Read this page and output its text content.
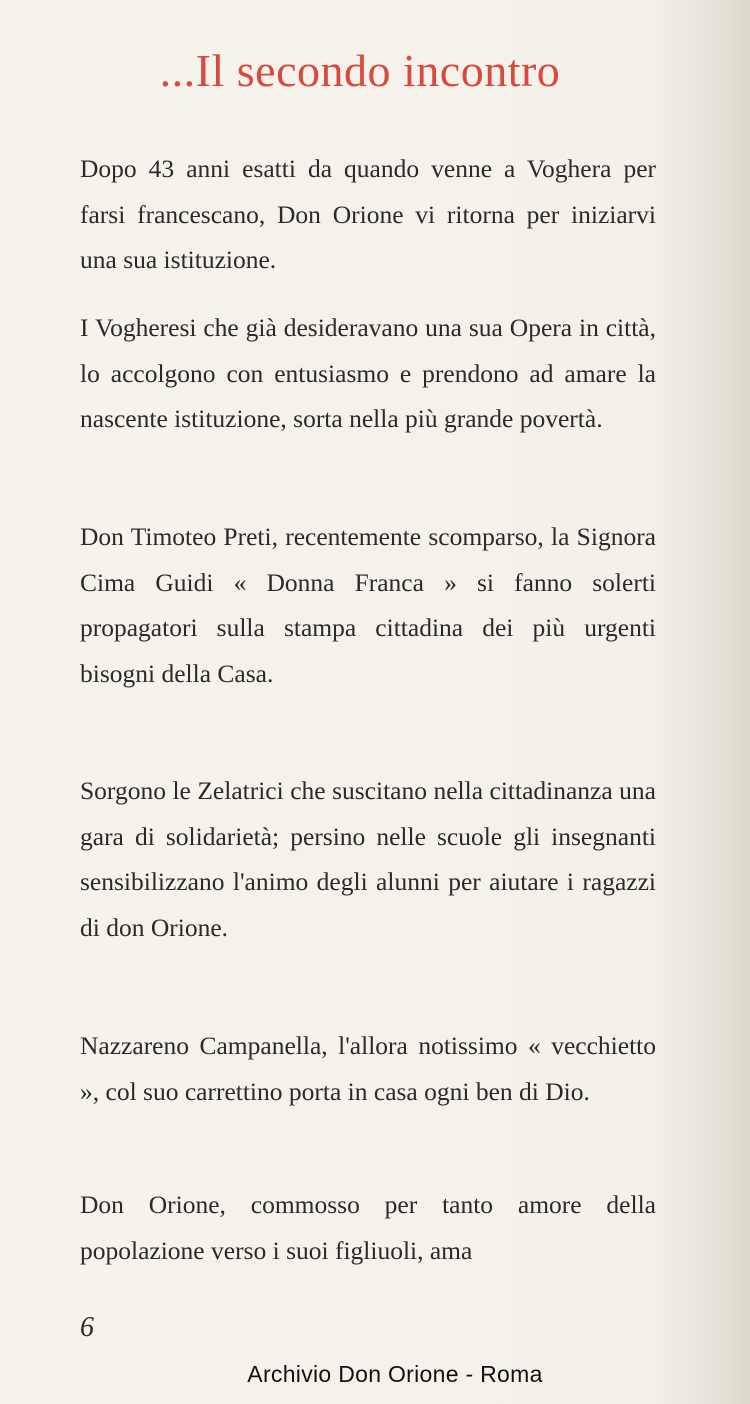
...Il secondo incontro

Dopo 43 anni esatti da quando venne a Voghera per farsi francescano, Don Orione vi ritorna per iniziarvi una sua istituzione.

I Vogheresi che già desideravano una sua Opera in città, lo accolgono con entusiasmo e prendono ad amare la nascente istituzione, sorta nella più grande povertà.

Don Timoteo Preti, recentemente scomparso, la Signora Cima Guidi « Donna Franca » si fanno solerti propagatori sulla stampa cittadina dei più urgenti bisogni della Casa.

Sorgono le Zelatrici che suscitano nella cittadinanza una gara di solidarietà; persino nelle scuole gli insegnanti sensibilizzano l'animo degli alunni per aiutare i ragazzi di don Orione.

Nazzareno Campanella, l'allora notissimo « vecchietto », col suo carrettino porta in casa ogni ben di Dio.

Don Orione, commosso per tanto amore della popolazione verso i suoi figliuoli, ama

6
Archivio Don Orione - Roma
